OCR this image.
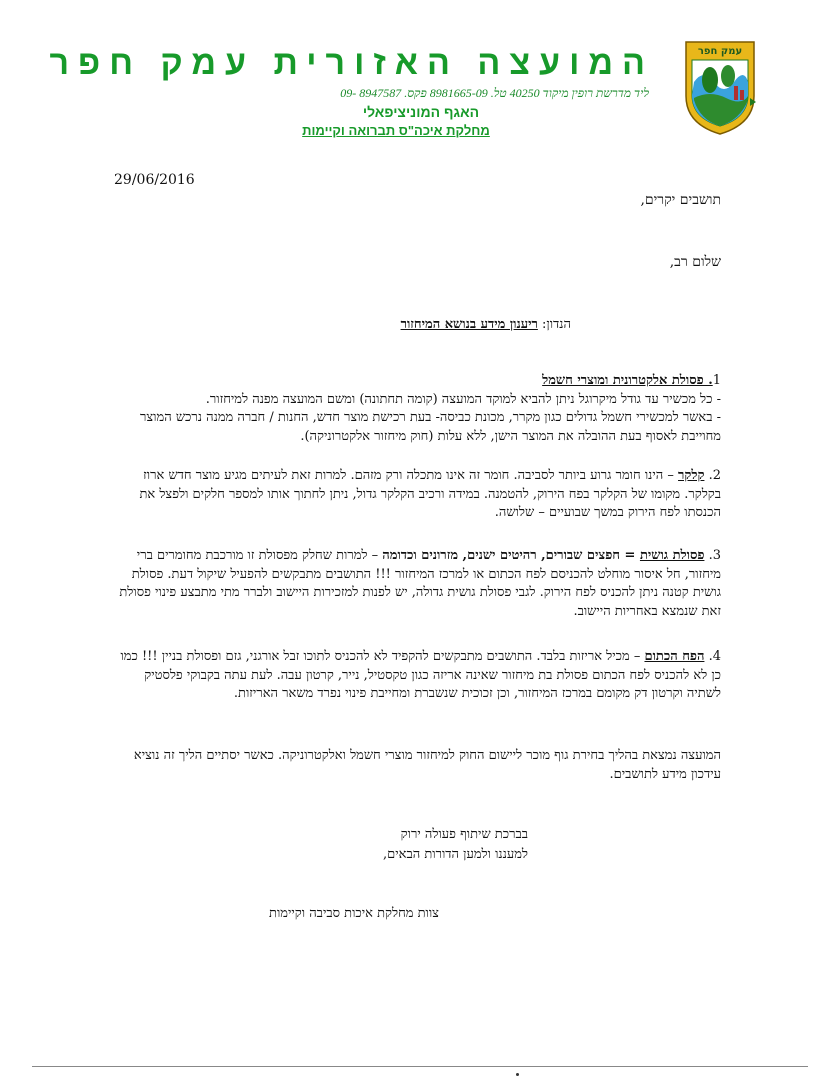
המועצה האזורית עמק חפר
ליד מדרשת רופין מיקוד 40250 טל. 8981665-09 פקס. 8947587 -09
האגף המוניציפאלי
מחלקת איכה"ס תברואה וקיימות
עמק חפר
29/06/2016
תושבים יקרים,
שלום רב,
הנדון: ריענון מידע בנושא המיחזור

1. פסולת אלקטרונית ומוצרי חשמל

- כל מכשיר עד גודל מיקרוגל ניתן להביא למוקד המועצה (קומה תחתונה) ומשם המועצה מפנה למיחזור.

- באשר למכשירי חשמל גדולים כגון מקרר, מכונת כביסה- בעת רכישת מוצר חדש, החנות / חברה ממנה נרכש המוצר מחוייבת לאסוף בעת ההובלה את המוצר הישן, ללא עלות (חוק מיחזור אלקטרוניקה).

2. קלקר – הינו חומר גרוע ביותר לסביבה. חומר זה אינו מתכלה ורק מזהם. למרות זאת לעיתים מגיע מוצר חדש ארוז בקלקר. מקומו של הקלקר בפח הירוק, להטמנה. במידה ורכיב הקלקר גדול, ניתן לחתוך אותו למספר חלקים ולפצל את הכנסתו לפח הירוק במשך שבועיים – שלושה.

3. פסולת גושית = חפצים שבורים, רהיטים ישנים, מזרונים וכדומה – למרות שחלק מפסולת זו מורכבת מחומרים ברי מיחזור, חל איסור מוחלט להכניסם לפח הכתום או למרכז המיחזור !!! התושבים מתבקשים להפעיל שיקול דעת. פסולת גושית קטנה ניתן להכניס לפח הירוק. לגבי פסולת גושית גדולה, יש לפנות למזכירות היישוב ולברר מתי מתבצע פינוי פסולת זאת שנמצא באחריות היישוב.

4. הפח הכתום – מכיל אריזות בלבד. התושבים מתבקשים להקפיד לא להכניס לתוכו זבל אורגני, גזם ופסולת בניין !!! כמו כן לא להכניס לפח הכתום פסולת בת מיחזור שאינה אריזה כגון טקסטיל, נייר, קרטון עבה. לעת עתה בקבוקי פלסטיק לשתיה וקרטון דק מקומם במרכז המיחזור, וכן זכוכית שנשברת ומחייבת פינוי נפרד משאר האריזות.

המועצה נמצאת בהליך בחירת גוף מוכר ליישום החוק למיחזור מוצרי חשמל ואלקטרוניקה. כאשר יסתיים הליך זה נוציא עידכון מידע לתושבים.
בברכת שיתוף פעולה ירוק
למעננו ולמען הדורות הבאים,
צוות מחלקת איכות סביבה וקיימות
